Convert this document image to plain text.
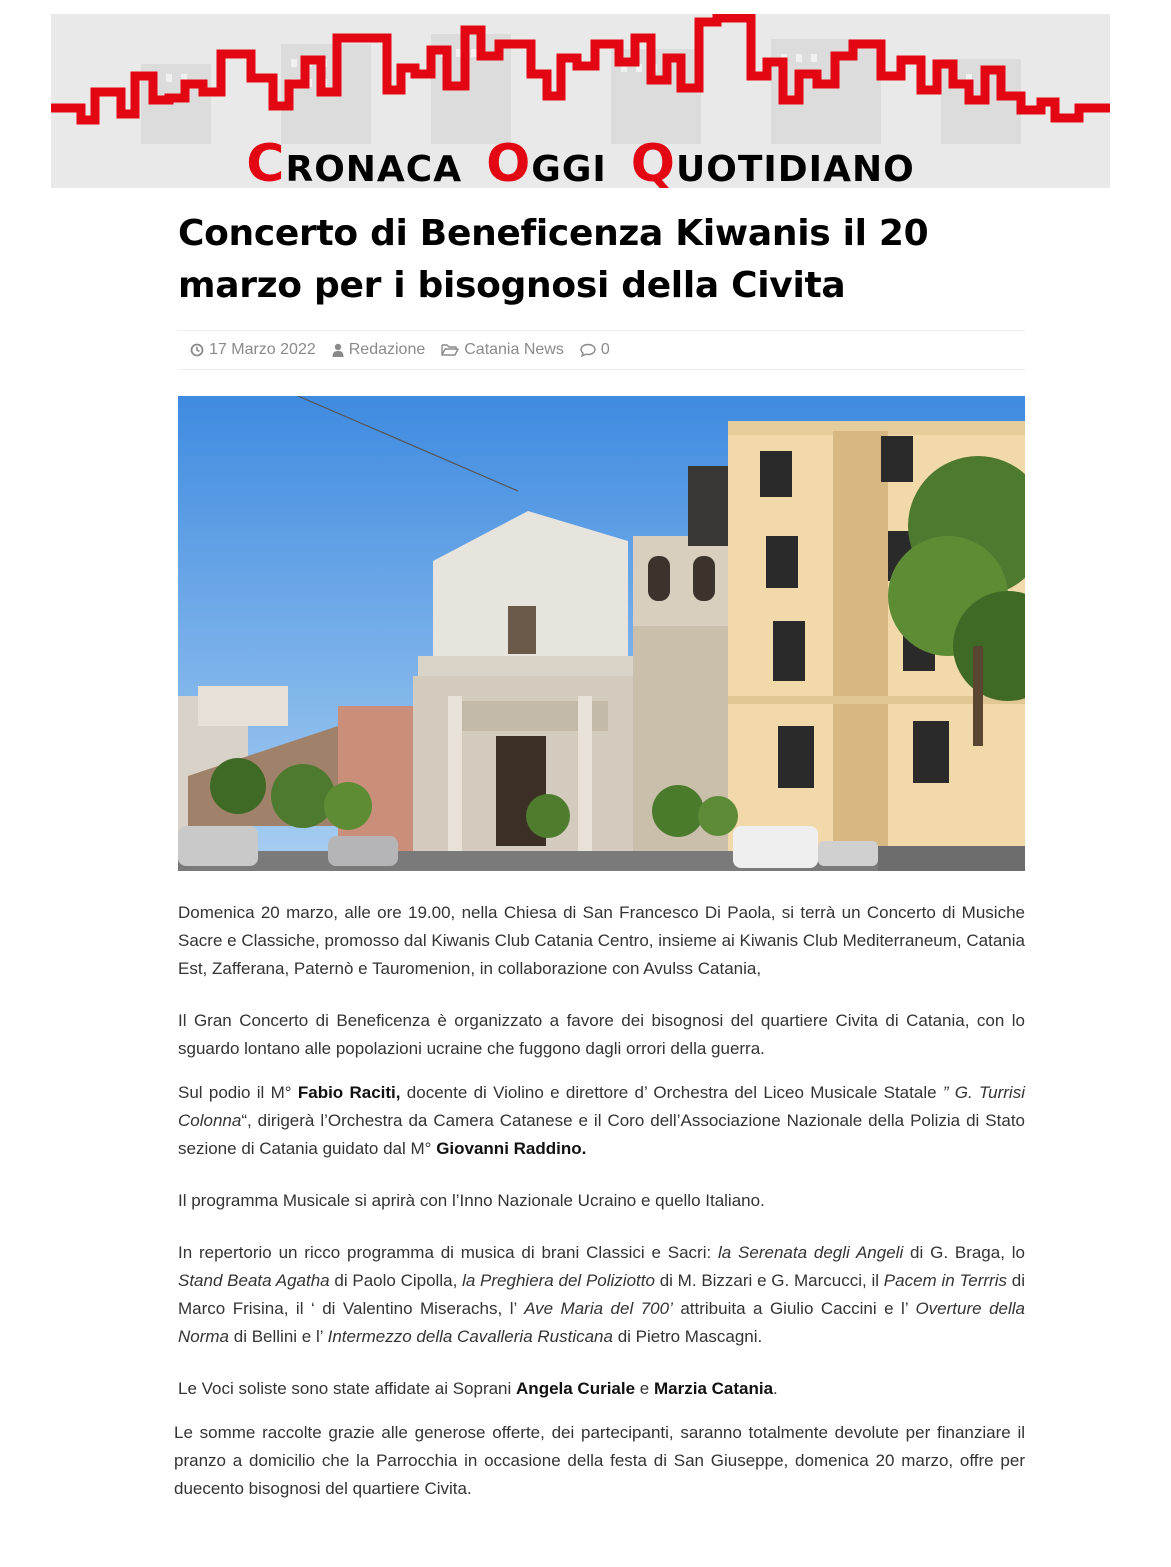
CRONACA OGGI QUOTIDIANO
Concerto di Beneficenza Kiwanis il 20 marzo per i bisognosi della Civita
17 Marzo 2022 Redazione Catania News 0

Domenica 20 marzo, alle ore 19.00, nella Chiesa di San Francesco Di Paola, si terrà un Concerto di Musiche Sacre e Classiche, promosso dal Kiwanis Club Catania Centro, insieme ai Kiwanis Club Mediterraneum, Catania Est, Zafferana, Paternò e Tauromenion, in collaborazione con Avulss Catania,

Il Gran Concerto di Beneficenza è organizzato a favore dei bisognosi del quartiere Civita di Catania, con lo sguardo lontano alle popolazioni ucraine che fuggono dagli orrori della guerra.

Sul podio il M° Fabio Raciti, docente di Violino e direttore d’ Orchestra del Liceo Musicale Statale ” G. Turrisi Colonna“, dirigerà l’Orchestra da Camera Catanese e il Coro dell’Associazione Nazionale della Polizia di Stato sezione di Catania guidato dal M° Giovanni Raddino.

Il programma Musicale si aprirà con l’Inno Nazionale Ucraino e quello Italiano.

In repertorio un ricco programma di musica di brani Classici e Sacri: la Serenata degli Angeli di G. Braga, lo Stand Beata Agatha di Paolo Cipolla, la Preghiera del Poliziotto di M. Bizzari e G. Marcucci, il Pacem in Terrris di Marco Frisina, il ‘ di Valentino Miserachs, l’ Ave Maria del 700’ attribuita a Giulio Caccini e l’ Overture della Norma di Bellini e l’ Intermezzo della Cavalleria Rusticana di Pietro Mascagni.

Le Voci soliste sono state affidate ai Soprani Angela Curiale e Marzia Catania.

Le somme raccolte grazie alle generose offerte, dei partecipanti, saranno totalmente devolute per finanziare il pranzo a domicilio che la Parrocchia in occasione della festa di San Giuseppe, domenica 20 marzo, offre per duecento bisognosi del quartiere Civita.
